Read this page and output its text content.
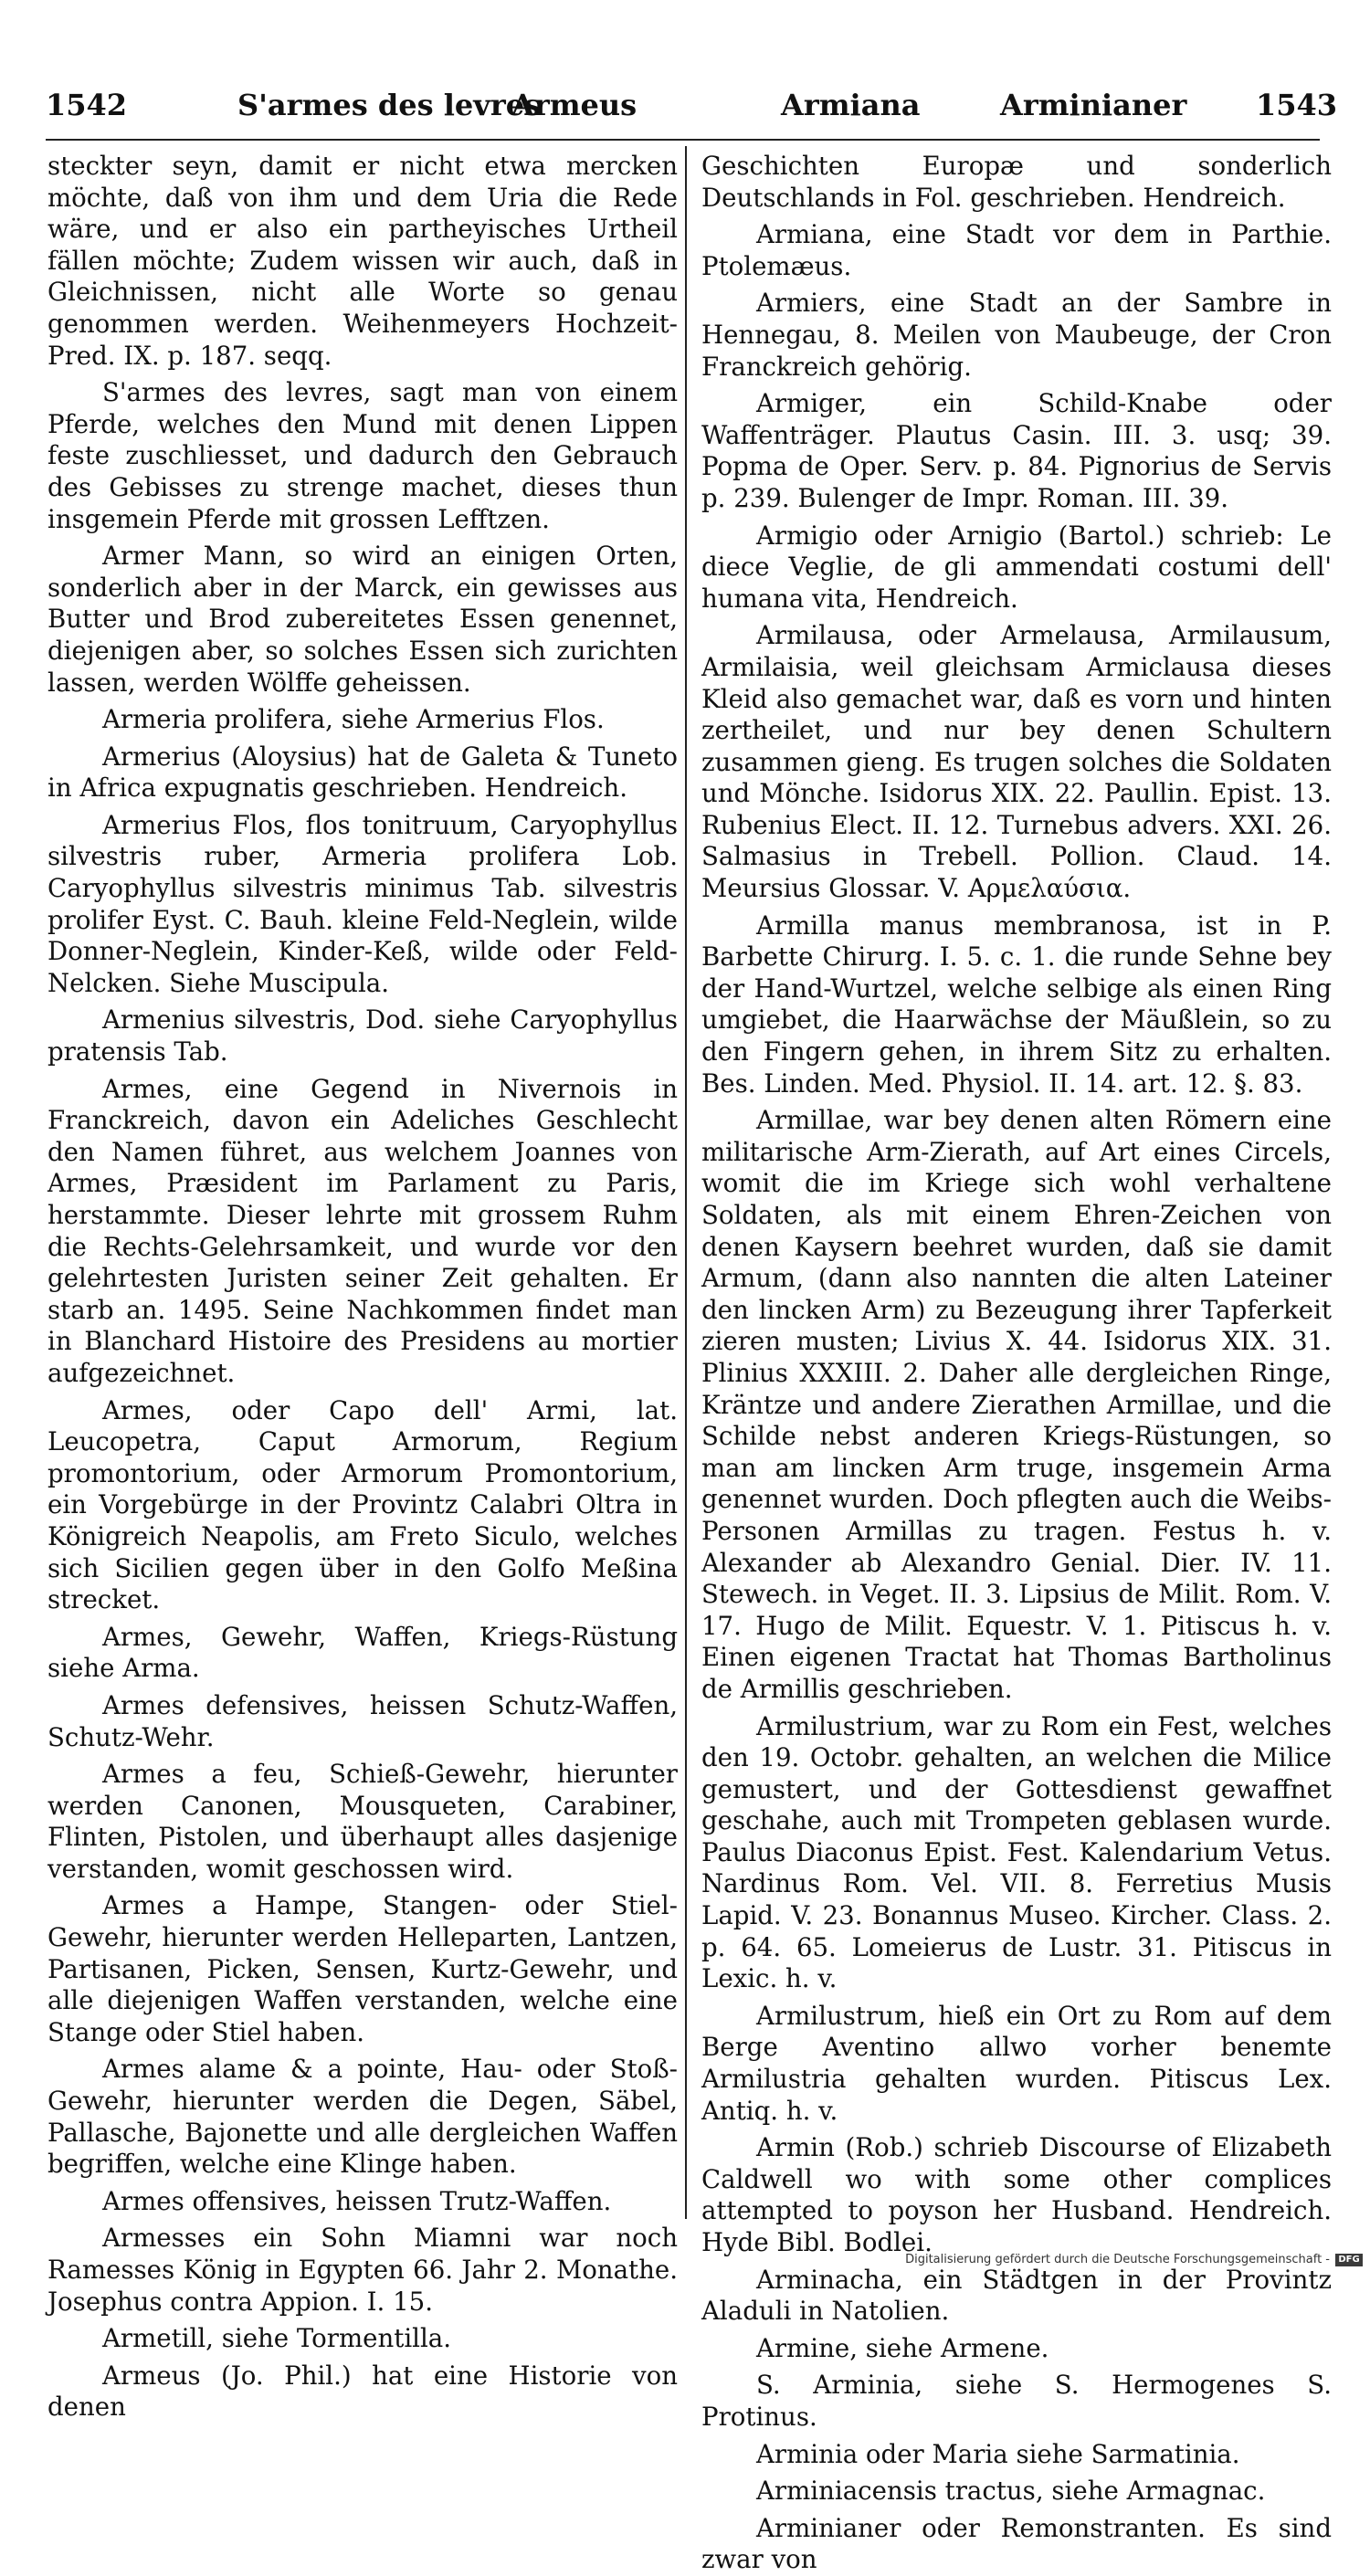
1542	S'armes des levres
Armeus	Armiana	Arminianer 1543

steckter seyn, damit er nicht etwa mercken möchte, daß von ihm und dem Uria die Rede wäre, und er also ein partheyisches Urtheil fällen möchte; Zudem wissen wir auch, daß in Gleichnissen, nicht alle Worte so genau genommen werden. Weihenmeyers Hochzeit-Pred. IX. p. 187. seqq.

S'armes des levres, sagt man von einem Pferde, welches den Mund mit denen Lippen feste zuschliesset, und dadurch den Gebrauch des Gebisses zu strenge machet, dieses thun insgemein Pferde mit grossen Lefftzen.

Armer Mann, so wird an einigen Orten, sonderlich aber in der Marck, ein gewisses aus Butter und Brod zubereitetes Essen genennet, diejenigen aber, so solches Essen sich zurichten lassen, werden Wölffe geheissen.

Armeria prolifera, siehe Armerius Flos.

Armerius (Aloysius) hat de Galeta & Tuneto in Africa expugnatis geschrieben. Hendreich.

Armerius Flos, flos tonitruum, Caryophyllus silvestris ruber, Armeria prolifera Lob. Caryophyllus silvestris minimus Tab. silvestris prolifer Eyst. C. Bauh. kleine Feld-Neglein, wilde Donner-Neglein, Kinder-Keß, wilde oder Feld-Nelcken. Siehe Muscipula.

Armenius silvestris, Dod. siehe Caryophyllus pratensis Tab.

Armes, eine Gegend in Nivernois in Franckreich, davon ein Adeliches Geschlecht den Namen führet, aus welchem Joannes von Armes, Præsident im Parlament zu Paris, herstammte. Dieser lehrte mit grossem Ruhm die Rechts-Gelehrsamkeit, und wurde vor den gelehrtesten Juristen seiner Zeit gehalten. Er starb an. 1495. Seine Nachkommen findet man in Blanchard Histoire des Presidens au mortier aufgezeichnet.

Armes, oder Capo dell' Armi, lat. Leucopetra, Caput Armorum, Regium promontorium, oder Armorum Promontorium, ein Vorgebürge in der Provintz Calabri Oltra in Königreich Neapolis, am Freto Siculo, welches sich Sicilien gegen über in den Golfo Meßina strecket.

Armes, Gewehr, Waffen, Kriegs-Rüstung siehe Arma.

Armes defensives, heissen Schutz-Waffen, Schutz-Wehr.

Armes a feu, Schieß-Gewehr, hierunter werden Canonen, Mousqueten, Carabiner, Flinten, Pistolen, und überhaupt alles dasjenige verstanden, womit geschossen wird.

Armes a Hampe, Stangen- oder Stiel-Gewehr, hierunter werden Helleparten, Lantzen, Partisanen, Picken, Sensen, Kurtz-Gewehr, und alle diejenigen Waffen verstanden, welche eine Stange oder Stiel haben.

Armes alame & a pointe, Hau- oder Stoß-Gewehr, hierunter werden die Degen, Säbel, Pallasche, Bajonette und alle dergleichen Waffen begriffen, welche eine Klinge haben.

Armes offensives, heissen Trutz-Waffen.

Armesses ein Sohn Miamni war noch Ramesses König in Egypten 66. Jahr 2. Monathe. Josephus contra Appion. I. 15.

Armetill, siehe Tormentilla.

Armeus (Jo. Phil.) hat eine Historie von denen

Geschichten Europæ und sonderlich Deutschlands in Fol. geschrieben. Hendreich.

Armiana, eine Stadt vor dem in Parthie. Ptolemæus.

Armiers, eine Stadt an der Sambre in Hennegau, 8. Meilen von Maubeuge, der Cron Franckreich gehörig.

Armiger, ein Schild-Knabe oder Waffenträger. Plautus Casin. III. 3. usq; 39. Popma de Oper. Serv. p. 84. Pignorius de Servis p. 239. Bulenger de Impr. Roman. III. 39.

Armigio oder Arnigio (Bartol.) schrieb: Le diece Veglie, de gli ammendati costumi dell' humana vita, Hendreich.

Armilausa, oder Armelausa, Armilausum, Armilaisia, weil gleichsam Armiclausa dieses Kleid also gemachet war, daß es vorn und hinten zertheilet, und nur bey denen Schultern zusammen gieng. Es trugen solches die Soldaten und Mönche. Isidorus XIX. 22. Paullin. Epist. 13. Rubenius Elect. II. 12. Turnebus advers. XXI. 26. Salmasius in Trebell. Pollion. Claud. 14. Meursius Glossar. V. Αρμελαύσια.

Armilla manus membranosa, ist in P. Barbette Chirurg. I. 5. c. 1. die runde Sehne bey der Hand-Wurtzel, welche selbige als einen Ring umgiebet, die Haarwächse der Mäußlein, so zu den Fingern gehen, in ihrem Sitz zu erhalten. Bes. Linden. Med. Physiol. II. 14. art. 12. §. 83.

Armillae, war bey denen alten Römern eine militarische Arm-Zierath, auf Art eines Circels, womit die im Kriege sich wohl verhaltene Soldaten, als mit einem Ehren-Zeichen von denen Kaysern beehret wurden, daß sie damit Armum, (dann also nannten die alten Lateiner den lincken Arm) zu Bezeugung ihrer Tapferkeit zieren musten; Livius X. 44. Isidorus XIX. 31. Plinius XXXIII. 2. Daher alle dergleichen Ringe, Kräntze und andere Zierathen Armillae, und die Schilde nebst anderen Kriegs-Rüstungen, so man am lincken Arm truge, insgemein Arma genennet wurden. Doch pflegten auch die Weibs-Personen Armillas zu tragen. Festus h. v. Alexander ab Alexandro Genial. Dier. IV. 11. Stewech. in Veget. II. 3. Lipsius de Milit. Rom. V. 17. Hugo de Milit. Equestr. V. 1. Pitiscus h. v. Einen eigenen Tractat hat Thomas Bartholinus de Armillis geschrieben.

Armilustrium, war zu Rom ein Fest, welches den 19. Octobr. gehalten, an welchen die Milice gemustert, und der Gottesdienst gewaffnet geschahe, auch mit Trompeten geblasen wurde. Paulus Diaconus Epist. Fest. Kalendarium Vetus. Nardinus Rom. Vel. VII. 8. Ferretius Musis Lapid. V. 23. Bonannus Museo. Kircher. Class. 2. p. 64. 65. Lomeierus de Lustr. 31. Pitiscus in Lexic. h. v.

Armilustrum, hieß ein Ort zu Rom auf dem Berge Aventino allwo vorher benemte Armilustria gehalten wurden. Pitiscus Lex. Antiq. h. v.

Armin (Rob.) schrieb Discourse of Elizabeth Caldwell wo with some other complices attempted to poyson her Husband. Hendreich. Hyde Bibl. Bodlei.

Arminacha, ein Städtgen in der Provintz Aladuli in Natolien.

Armine, siehe Armene.

S. Arminia, siehe S. Hermogenes S. Protinus.

Arminia oder Maria siehe Sarmatinia.

Arminiacensis tractus, siehe Armagnac.

Arminianer oder Remonstranten. Es sind zwar von

Digitalisierung gefördert durch die Deutsche Forschungsgemeinschaft - DFG
